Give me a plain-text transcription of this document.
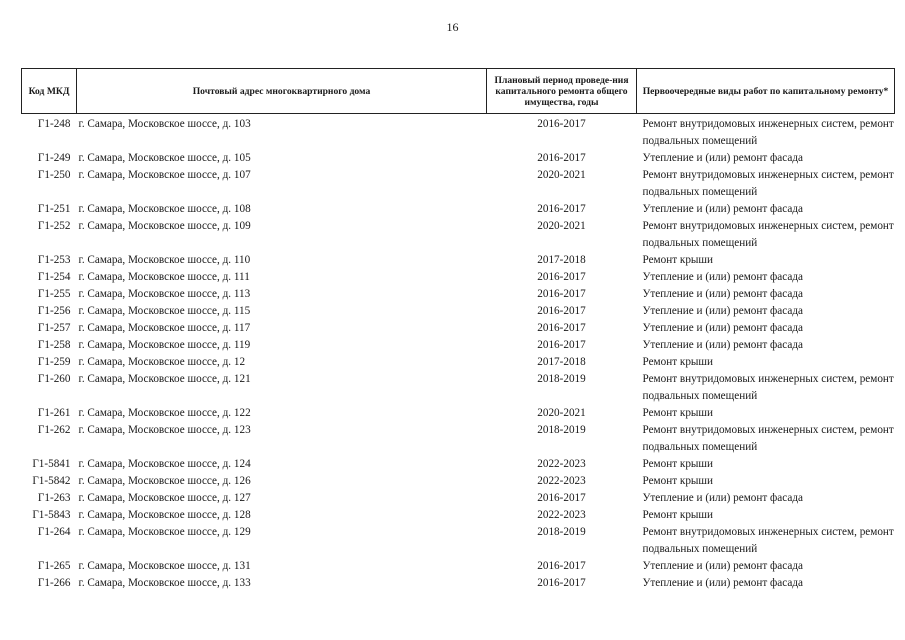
16
Код МКД	Почтовый адрес многоквартирного дома	Плановый период проведе-ния капитального ремонта общего имущества, годы	Первоочередные виды работ по капитальному ремонту*
Г1-248	г. Самара, Московское шоссе, д. 103	2016-2017	Ремонт внутридомовых инженерных систем, ремонт подвальных помещений
Г1-249	г. Самара, Московское шоссе, д. 105	2016-2017	Утепление и (или) ремонт фасада
Г1-250	г. Самара, Московское шоссе, д. 107	2020-2021	Ремонт внутридомовых инженерных систем, ремонт подвальных помещений
Г1-251	г. Самара, Московское шоссе, д. 108	2016-2017	Утепление и (или) ремонт фасада
Г1-252	г. Самара, Московское шоссе, д. 109	2020-2021	Ремонт внутридомовых инженерных систем, ремонт подвальных помещений
Г1-253	г. Самара, Московское шоссе, д. 110	2017-2018	Ремонт крыши
Г1-254	г. Самара, Московское шоссе, д. 111	2016-2017	Утепление и (или) ремонт фасада
Г1-255	г. Самара, Московское шоссе, д. 113	2016-2017	Утепление и (или) ремонт фасада
Г1-256	г. Самара, Московское шоссе, д. 115	2016-2017	Утепление и (или) ремонт фасада
Г1-257	г. Самара, Московское шоссе, д. 117	2016-2017	Утепление и (или) ремонт фасада
Г1-258	г. Самара, Московское шоссе, д. 119	2016-2017	Утепление и (или) ремонт фасада
Г1-259	г. Самара, Московское шоссе, д. 12	2017-2018	Ремонт крыши
Г1-260	г. Самара, Московское шоссе, д. 121	2018-2019	Ремонт внутридомовых инженерных систем, ремонт подвальных помещений
Г1-261	г. Самара, Московское шоссе, д. 122	2020-2021	Ремонт крыши
Г1-262	г. Самара, Московское шоссе, д. 123	2018-2019	Ремонт внутридомовых инженерных систем, ремонт подвальных помещений
Г1-5841	г. Самара, Московское шоссе, д. 124	2022-2023	Ремонт крыши
Г1-5842	г. Самара, Московское шоссе, д. 126	2022-2023	Ремонт крыши
Г1-263	г. Самара, Московское шоссе, д. 127	2016-2017	Утепление и (или) ремонт фасада
Г1-5843	г. Самара, Московское шоссе, д. 128	2022-2023	Ремонт крыши
Г1-264	г. Самара, Московское шоссе, д. 129	2018-2019	Ремонт внутридомовых инженерных систем, ремонт подвальных помещений
Г1-265	г. Самара, Московское шоссе, д. 131	2016-2017	Утепление и (или) ремонт фасада
Г1-266	г. Самара, Московское шоссе, д. 133	2016-2017	Утепление и (или) ремонт фасада
